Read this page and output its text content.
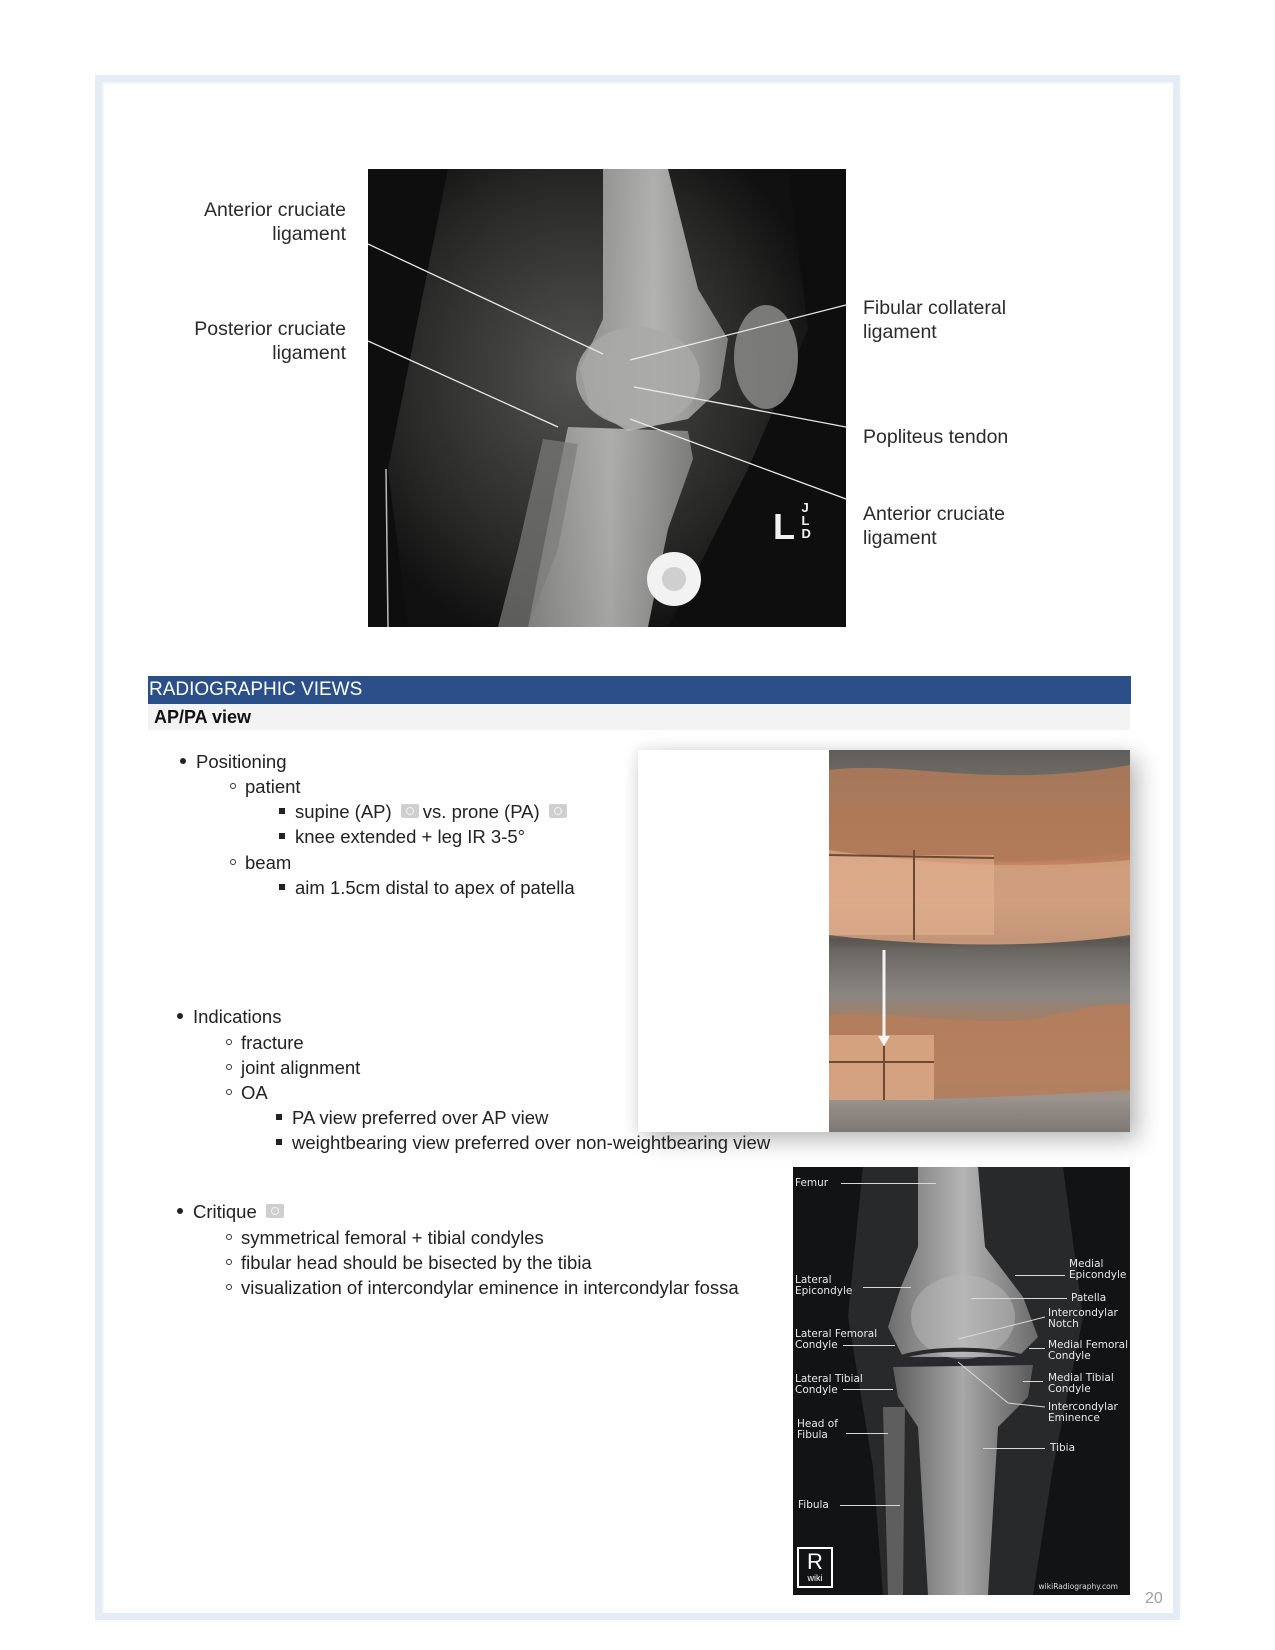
Anterior cruciate
ligament
Posterior cruciate
ligament
Fibular collateral
ligament
Popliteus tendon
Anterior cruciate
ligament
L J
L
D
RADIOGRAPHIC VIEWS
AP/PA view
Positioning
patient
supine (AP) vs. prone (PA)
knee extended + leg IR 3-5°
beam
aim 1.5cm distal to apex of patella
Indications
fracture
joint alignment
OA
PA view preferred over AP view
weightbearing view preferred over non-weightbearing view
Critique
symmetrical femoral + tibial condyles
fibular head should be bisected by the tibia
visualization of intercondylar eminence in intercondylar fossa
Femur
Lateral
Epicondyle
Lateral Femoral
Condyle
Lateral Tibial
Condyle
Head of
Fibula
Fibula
Medial
Epicondyle
Patella
Intercondylar
Notch
Medial Femoral
Condyle
Medial Tibial
Condyle
Intercondylar
Eminence
Tibia
R
wiki
wikiRadiography.com
20
